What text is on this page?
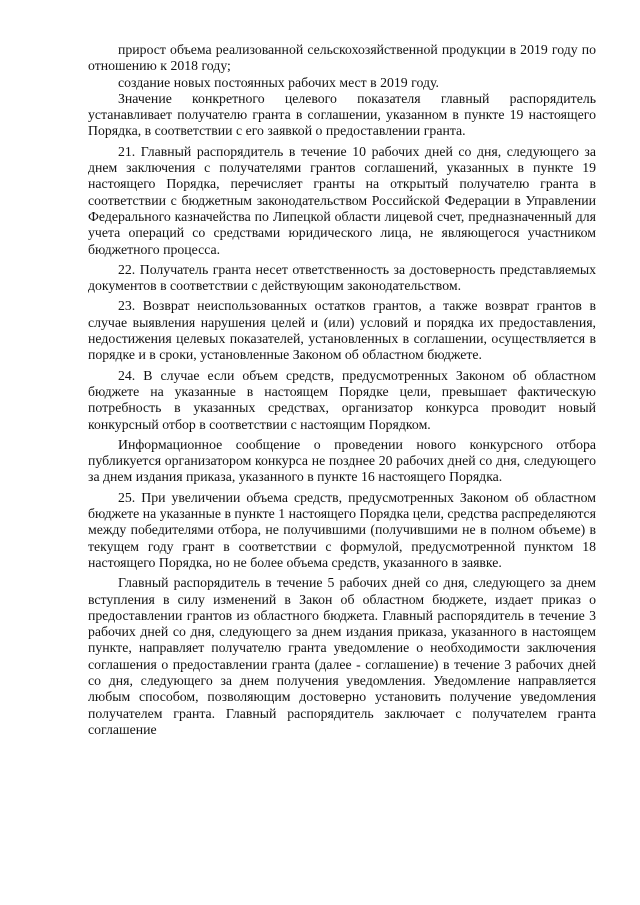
прирост объема реализованной сельскохозяйственной продукции в 2019 году по отношению к 2018 году;

создание новых постоянных рабочих мест в 2019 году.

Значение конкретного целевого показателя главный распорядитель устанавливает получателю гранта в соглашении, указанном в пункте 19 настоящего Порядка, в соответствии с его заявкой о предоставлении гранта.

21. Главный распорядитель в течение 10 рабочих дней со дня, следующего за днем заключения с получателями грантов соглашений, указанных в пункте 19 настоящего Порядка, перечисляет гранты на открытый получателю гранта в соответствии с бюджетным законодательством Российской Федерации в Управлении Федерального казначейства по Липецкой области лицевой счет, предназначенный для учета операций со средствами юридического лица, не являющегося участником бюджетного процесса.

22. Получатель гранта несет ответственность за достоверность представляемых документов в соответствии с действующим законодательством.

23. Возврат неиспользованных остатков грантов, а также возврат грантов в случае выявления нарушения целей и (или) условий и порядка их предоставления, недостижения целевых показателей, установленных в соглашении, осуществляется в порядке и в сроки, установленные Законом об областном бюджете.

24. В случае если объем средств, предусмотренных Законом об областном бюджете на указанные в настоящем Порядке цели, превышает фактическую потребность в указанных средствах, организатор конкурса проводит новый конкурсный отбор в соответствии с настоящим Порядком.

Информационное сообщение о проведении нового конкурсного отбора публикуется организатором конкурса не позднее 20 рабочих дней со дня, следующего за днем издания приказа, указанного в пункте 16 настоящего Порядка.

25. При увеличении объема средств, предусмотренных Законом об областном бюджете на указанные в пункте 1 настоящего Порядка цели, средства распределяются между победителями отбора, не получившими (получившими не в полном объеме) в текущем году грант в соответствии с формулой, предусмотренной пунктом 18 настоящего Порядка, но не более объема средств, указанного в заявке.

Главный распорядитель в течение 5 рабочих дней со дня, следующего за днем вступления в силу изменений в Закон об областном бюджете, издает приказ о предоставлении грантов из областного бюджета. Главный распорядитель в течение 3 рабочих дней со дня, следующего за днем издания приказа, указанного в настоящем пункте, направляет получателю гранта уведомление о необходимости заключения соглашения о предоставлении гранта (далее - соглашение) в течение 3 рабочих дней со дня, следующего за днем получения уведомления. Уведомление направляется любым способом, позволяющим достоверно установить получение уведомления получателем гранта. Главный распорядитель заключает с получателем гранта соглашение
